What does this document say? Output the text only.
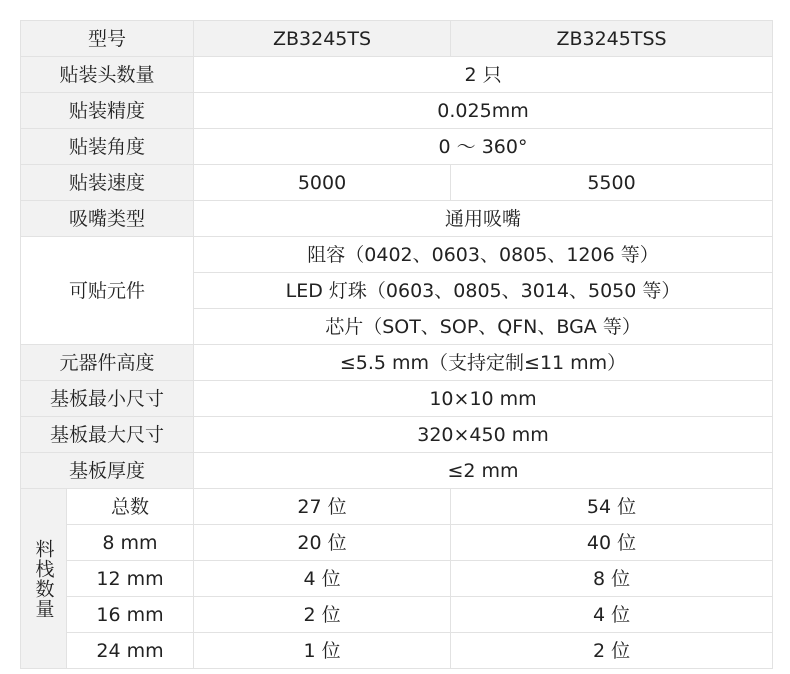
型号		ZB3245TS	ZB3245TSS
贴装头数量		2 只	
贴装精度		0.025mm	
贴装角度		0 ～ 360°	
贴装速度		5000	5500
吸嘴类型		通用吸嘴	
可贴元件		阻容（0402、0603、0805、1206 等）	
		LED 灯珠（0603、0805、3014、5050 等）	
		芯片（SOT、SOP、QFN、BGA 等）	
元器件高度		≤5.5 mm（支持定制≤11 mm）	
基板最小尺寸		10×10 mm	
基板最大尺寸		320×450 mm	
基板厚度		≤2 mm	
料栈数量	总数	27 位	54 位
	8 mm	20 位	40 位
	12 mm	4 位	8 位
	16 mm	2 位	4 位
	24 mm	1 位	2 位
